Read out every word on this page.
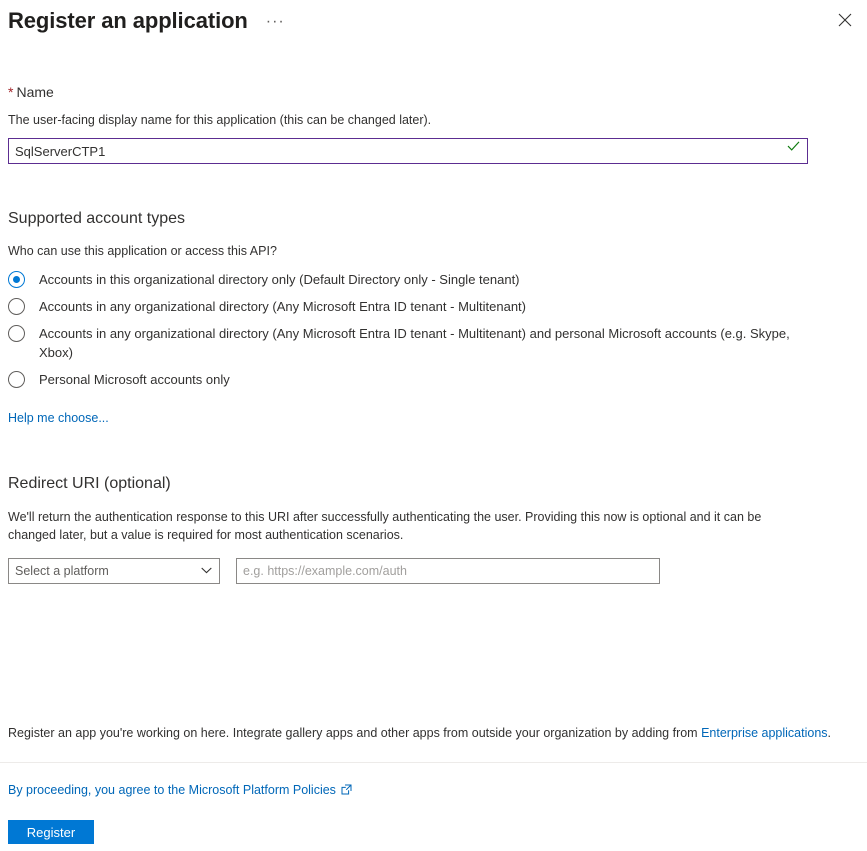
Register an application ···
* Name
The user-facing display name for this application (this can be changed later).
SqlServerCTP1
Supported account types
Who can use this application or access this API?
Accounts in this organizational directory only (Default Directory only - Single tenant)
Accounts in any organizational directory (Any Microsoft Entra ID tenant - Multitenant)
Accounts in any organizational directory (Any Microsoft Entra ID tenant - Multitenant) and personal Microsoft accounts (e.g. Skype, Xbox)
Personal Microsoft accounts only
Help me choose...
Redirect URI (optional)
We'll return the authentication response to this URI after successfully authenticating the user. Providing this now is optional and it can be changed later, but a value is required for most authentication scenarios.
Select a platform
e.g. https://example.com/auth
Register an app you're working on here. Integrate gallery apps and other apps from outside your organization by adding from Enterprise applications.
By proceeding, you agree to the Microsoft Platform Policies
Register
